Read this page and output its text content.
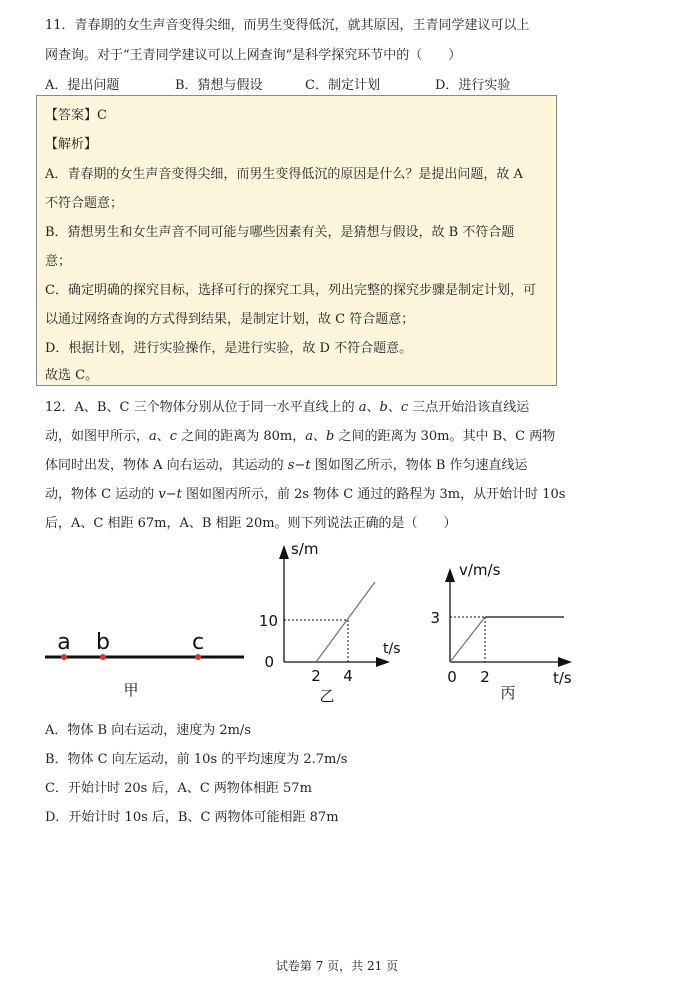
11．青春期的女生声音变得尖细，而男生变得低沉，就其原因，王青同学建议可以上
网查询。对于“王青同学建议可以上网查询”是科学探究环节中的（　　）
A．提出问题	B．猜想与假设	C．制定计划	D．进行实验
【答案】C
【解析】
A．青春期的女生声音变得尖细，而男生变得低沉的原因是什么？是提出问题，故 A
不符合题意；
B．猜想男生和女生声音不同可能与哪些因素有关，是猜想与假设，故 B 不符合题
意；
C．确定明确的探究目标，选择可行的探究工具，列出完整的探究步骤是制定计划，可
以通过网络查询的方式得到结果，是制定计划，故 C 符合题意；
D．根据计划，进行实验操作，是进行实验，故 D 不符合题意。
故选 C。
12．A、B、C 三个物体分别从位于同一水平直线上的 a、b、c 三点开始沿该直线运
动，如图甲所示，a、c 之间的距离为 80m，a、b 之间的距离为 30m。其中 B、C 两物
体同时出发，物体 A 向右运动，其运动的 s−t 图如图乙所示，物体 B 作匀速直线运
动，物体 C 运动的 v−t 图如图丙所示，前 2s 物体 C 通过的路程为 3m，从开始计时 10s
后，A、C 相距 67m，A、B 相距 20m。则下列说法正确的是（　　）
a b	c
甲
s/m
t/s
10
0
2 4
乙
v/m/s
t/s
3
0 2
丙
A．物体 B 向右运动，速度为 2m/s
B．物体 C 向左运动，前 10s 的平均速度为 2.7m/s
C．开始计时 20s 后，A、C 两物体相距 57m
D．开始计时 10s 后，B、C 两物体可能相距 87m
试卷第 7 页，共 21 页
